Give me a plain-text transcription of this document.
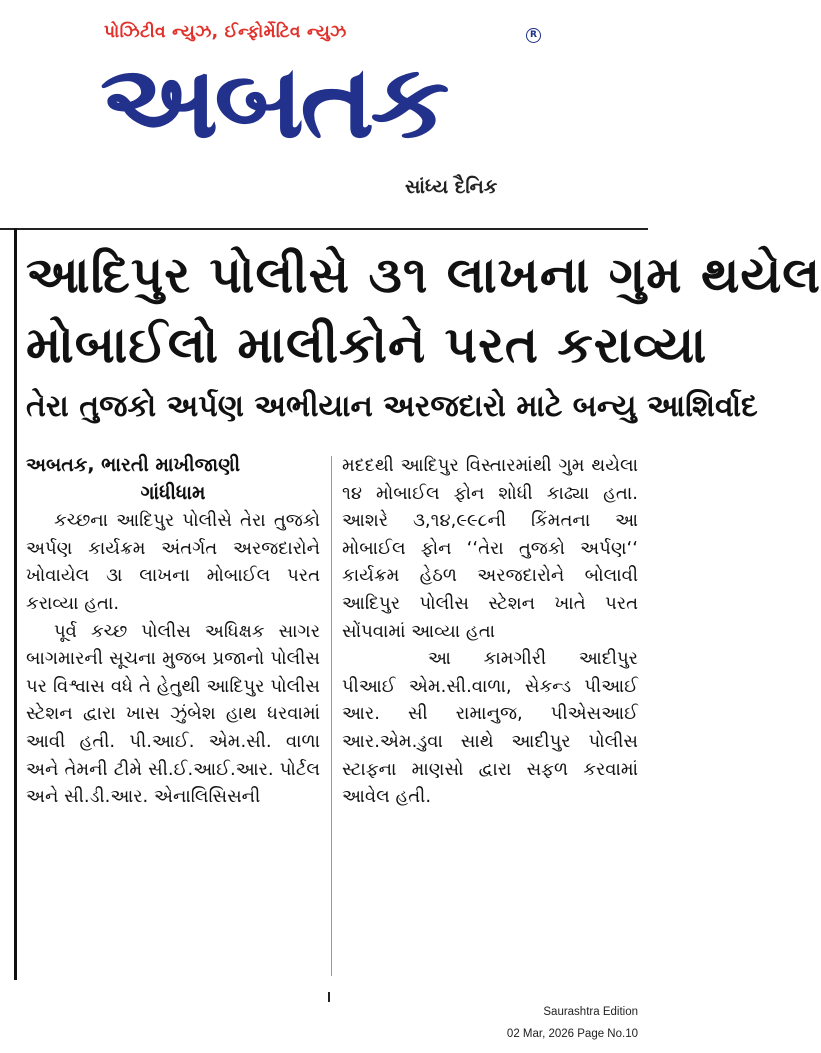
પોઝિટીવ ન્યુઝ, ઈન્ફોર્મેટિવ ન્યુઝ	R
અબતક
સાંધ્ય દૈનિક
આદિપુર પોલીસે ૩૧ લાખના ગુમ થયેલ
મોબાઈલો માલીકોને પરત કરાવ્યા
તેરા તુજકો અર્પણ અભીયાન અરજદારો માટે બન્યુ આશિર્વાદ
અબતક, ભારતી માખીજાણી
ગાંધીધામ

કચ્છના આદિપુર પોલીસે તેરા તુજકો અર્પણ કાર્યક્રમ અંતર્ગત અરજદારોને ખોવાયેલ ૩ા લાખના મોબાઈલ પરત કરાવ્યા હતા.

પૂર્વ કચ્છ પોલીસ અધિક્ષક સાગર બાગમારની સૂચના મુજબ પ્રજાનો પોલીસ પર વિશ્વાસ વધે તે હેતુથી આદિપુર પોલીસ સ્ટેશન દ્વારા ખાસ ઝુંબેશ હાથ ધરવામાં આવી હતી. પી.આઈ. એમ.સી. વાળા અને તેમની ટીમે સી.ઈ.આઈ.આર. પોર્ટલ અને સી.ડી.આર. એનાલિસિસની

મદદથી આદિપુર વિસ્તારમાંથી ગુમ થયેલા ૧૪ મોબાઈલ ફોન શોધી કાઢ્યા હતા. આશરે ૩,૧૪,૯૯૮ની કિંમતના આ મોબાઈલ ફોન ‘‘તેરા તુજકો અર્પણ‘‘ કાર્યક્રમ હેઠળ અરજદારોને બોલાવી આદિપુર પોલીસ સ્ટેશન ખાતે પરત સોંપવામાં આવ્યા હતા

આ કામગીરી આદીપુર પીઆઈ એમ.સી.વાળા, સેકન્ડ પીઆઈ આર. સી રામાનુજ, પીએસઆઈ આર.એમ.ડુવા સાથે આદીપુર પોલીસ સ્ટાફના માણસો દ્વારા સફળ કરવામાં આવેલ હતી.

Saurashtra Edition
02 Mar, 2026 Page No.10
